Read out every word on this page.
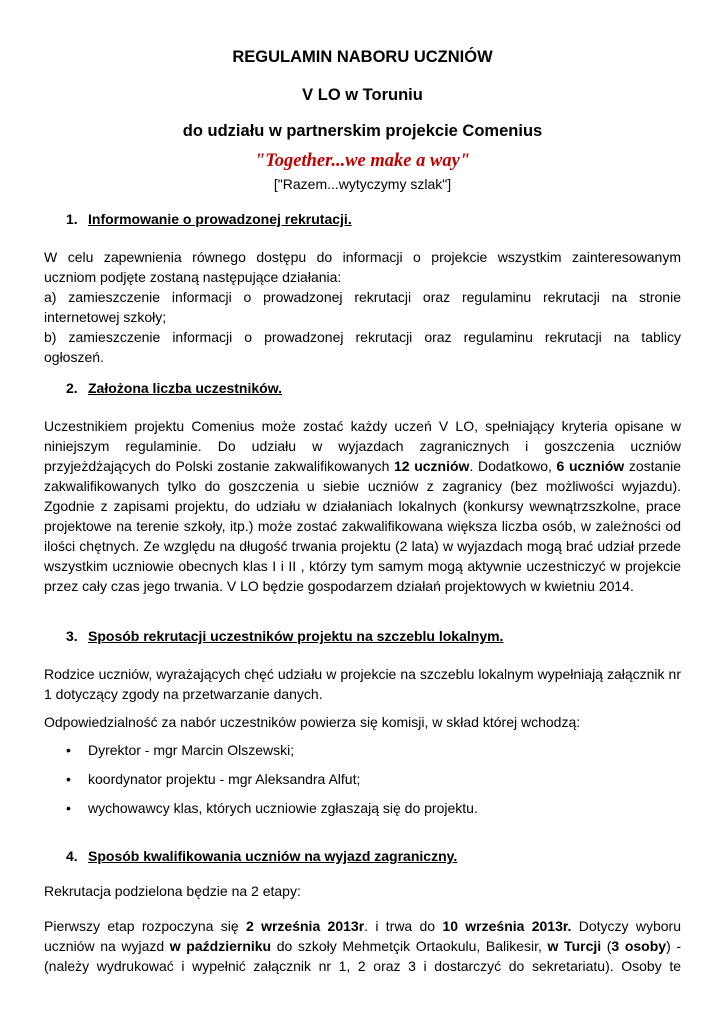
REGULAMIN NABORU UCZNIÓW
V LO w Toruniu
do udziału w partnerskim projekcie Comenius
"Together...we make a way"
["Razem...wytyczymy szlak"]
1. Informowanie o prowadzonej rekrutacji.
W celu zapewnienia równego dostępu do informacji o projekcie wszystkim zainteresowanym
uczniom podjęte zostaną następujące działania:
a) zamieszczenie informacji o prowadzonej rekrutacji oraz regulaminu rekrutacji na stronie
internetowej szkoły;
b) zamieszczenie informacji o prowadzonej rekrutacji oraz regulaminu rekrutacji na tablicy
ogłoszeń.
2. Założona liczba uczestników.
Uczestnikiem projektu Comenius może zostać każdy uczeń V LO, spełniający kryteria opisane w niniejszym regulaminie. Do udziału w wyjazdach zagranicznych i goszczenia uczniów przyjeżdżających do Polski zostanie zakwalifikowanych 12 uczniów. Dodatkowo, 6 uczniów zostanie zakwalifikowanych tylko do goszczenia u siebie uczniów z zagranicy (bez możliwości wyjazdu). Zgodnie z zapisami projektu, do udziału w działaniach lokalnych (konkursy wewnątrzszkolne, prace projektowe na terenie szkoły, itp.) może zostać zakwalifikowana większa liczba osób, w zależności od ilości chętnych. Ze względu na długość trwania projektu (2 lata) w wyjazdach mogą brać udział przede wszystkim uczniowie obecnych klas I i II , którzy tym samym mogą aktywnie uczestniczyć w projekcie przez cały czas jego trwania. V LO będzie gospodarzem działań projektowych w kwietniu 2014.
3. Sposób rekrutacji uczestników projektu na szczeblu lokalnym.
Rodzice uczniów, wyrażających chęć udziału w projekcie na szczeblu lokalnym wypełniają załącznik nr 1 dotyczący zgody na przetwarzanie danych.
Odpowiedzialność za nabór uczestników powierza się komisji, w skład której wchodzą:
• Dyrektor - mgr Marcin Olszewski;
• koordynator projektu - mgr Aleksandra Alfut;
• wychowawcy klas, których uczniowie zgłaszają się do projektu.
4. Sposób kwalifikowania uczniów na wyjazd zagraniczny.
Rekrutacja podzielona będzie na 2 etapy:
Pierwszy etap rozpoczyna się 2 września 2013r. i trwa do 10 września 2013r. Dotyczy wyboru
uczniów na wyjazd w październiku do szkoły Mehmetçik Ortaokulu, Balikesir, w Turcji (3 osoby) -
(należy wydrukować i wypełnić załącznik nr 1, 2 oraz 3 i dostarczyć do sekretariatu). Osoby te
